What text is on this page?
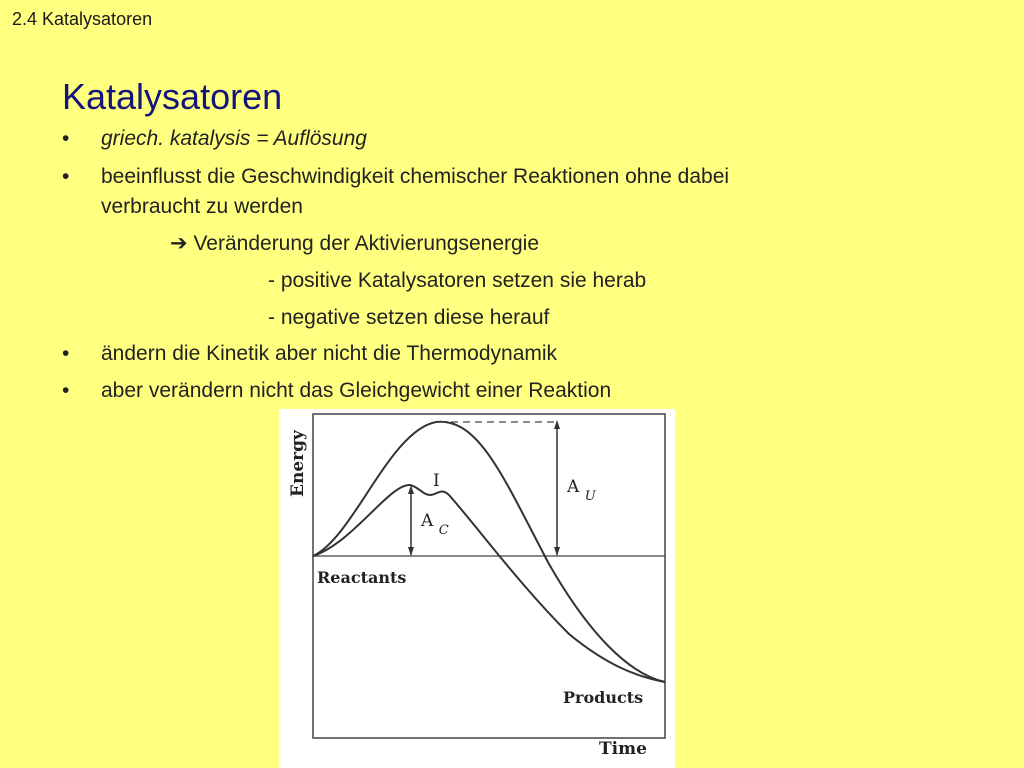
2.4 Katalysatoren
Katalysatoren
• griech. katalysis = Auflösung
• beeinflusst die Geschwindigkeit chemischer Reaktionen ohne dabei
verbraucht zu werden
➔ Veränderung der Aktivierungsenergie
- positive Katalysatoren setzen sie herab
- negative setzen diese herauf
• ändern die Kinetik aber nicht die Thermodynamik
• aber verändern nicht das Gleichgewicht einer Reaktion
Energy
Time
Reactants
Products
I	A $_U$
A $_C$
